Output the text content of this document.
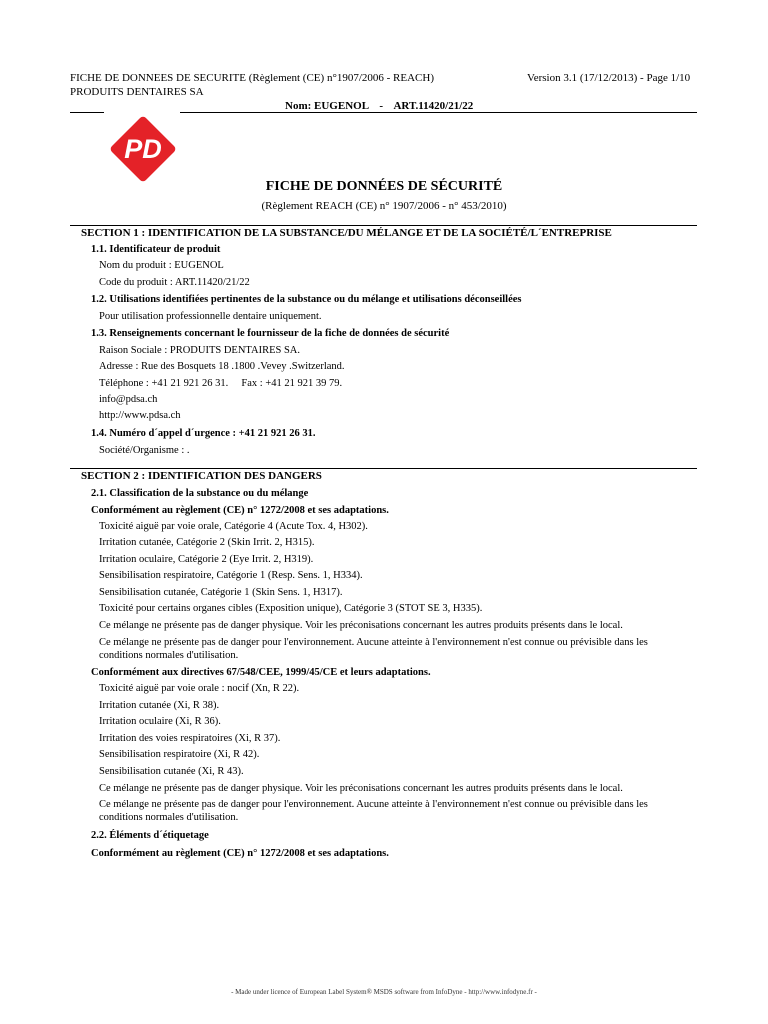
FICHE DE DONNEES DE SECURITE (Règlement (CE) n°1907/2006 - REACH)	Version 3.1 (17/12/2013) - Page 1/10
PRODUITS DENTAIRES SA
Nom: EUGENOL    -    ART.11420/21/22
PD
FICHE DE DONNÉES DE SÉCURITÉ
(Règlement REACH (CE) n° 1907/2006 - n° 453/2010)
SECTION 1 : IDENTIFICATION DE LA SUBSTANCE/DU MÉLANGE ET DE LA SOCIÉTÉ/L´ENTREPRISE
1.1. Identificateur de produit
Nom du produit : EUGENOL
Code du produit : ART.11420/21/22
1.2. Utilisations identifiées pertinentes de la substance ou du mélange et utilisations déconseillées
Pour utilisation professionnelle dentaire uniquement.
1.3. Renseignements concernant le fournisseur de la fiche de données de sécurité
Raison Sociale : PRODUITS DENTAIRES SA.
Adresse : Rue des Bosquets 18 .1800 .Vevey .Switzerland.
Téléphone : +41 21 921 26 31.     Fax : +41 21 921 39 79.
info@pdsa.ch
http://www.pdsa.ch
1.4. Numéro d´appel d´urgence : +41 21 921 26 31.
Société/Organisme : .
SECTION 2 : IDENTIFICATION DES DANGERS
2.1. Classification de la substance ou du mélange
Conformément au règlement (CE) n° 1272/2008 et ses adaptations.
Toxicité aiguë par voie orale, Catégorie 4 (Acute Tox. 4, H302).
Irritation cutanée, Catégorie 2 (Skin Irrit. 2, H315).
Irritation oculaire, Catégorie 2 (Eye Irrit. 2, H319).
Sensibilisation respiratoire, Catégorie 1 (Resp. Sens. 1, H334).
Sensibilisation cutanée, Catégorie 1 (Skin Sens. 1, H317).
Toxicité pour certains organes cibles (Exposition unique), Catégorie 3 (STOT SE 3, H335).
Ce mélange ne présente pas de danger physique. Voir les préconisations concernant les autres produits présents dans le local.
Ce mélange ne présente pas de danger pour l'environnement. Aucune atteinte à l'environnement n'est connue ou prévisible dans les
conditions normales d'utilisation.
Conformément aux directives 67/548/CEE, 1999/45/CE et leurs adaptations.
Toxicité aiguë par voie orale : nocif (Xn, R 22).
Irritation cutanée (Xi, R 38).
Irritation oculaire (Xi, R 36).
Irritation des voies respiratoires (Xi, R 37).
Sensibilisation respiratoire (Xi, R 42).
Sensibilisation cutanée (Xi, R 43).
Ce mélange ne présente pas de danger physique. Voir les préconisations concernant les autres produits présents dans le local.
Ce mélange ne présente pas de danger pour l'environnement. Aucune atteinte à l'environnement n'est connue ou prévisible dans les
conditions normales d'utilisation.
2.2. Éléments d´étiquetage
Conformément au règlement (CE) n° 1272/2008 et ses adaptations.
- Made under licence of European Label System® MSDS software from InfoDyne - http://www.infodyne.fr -
